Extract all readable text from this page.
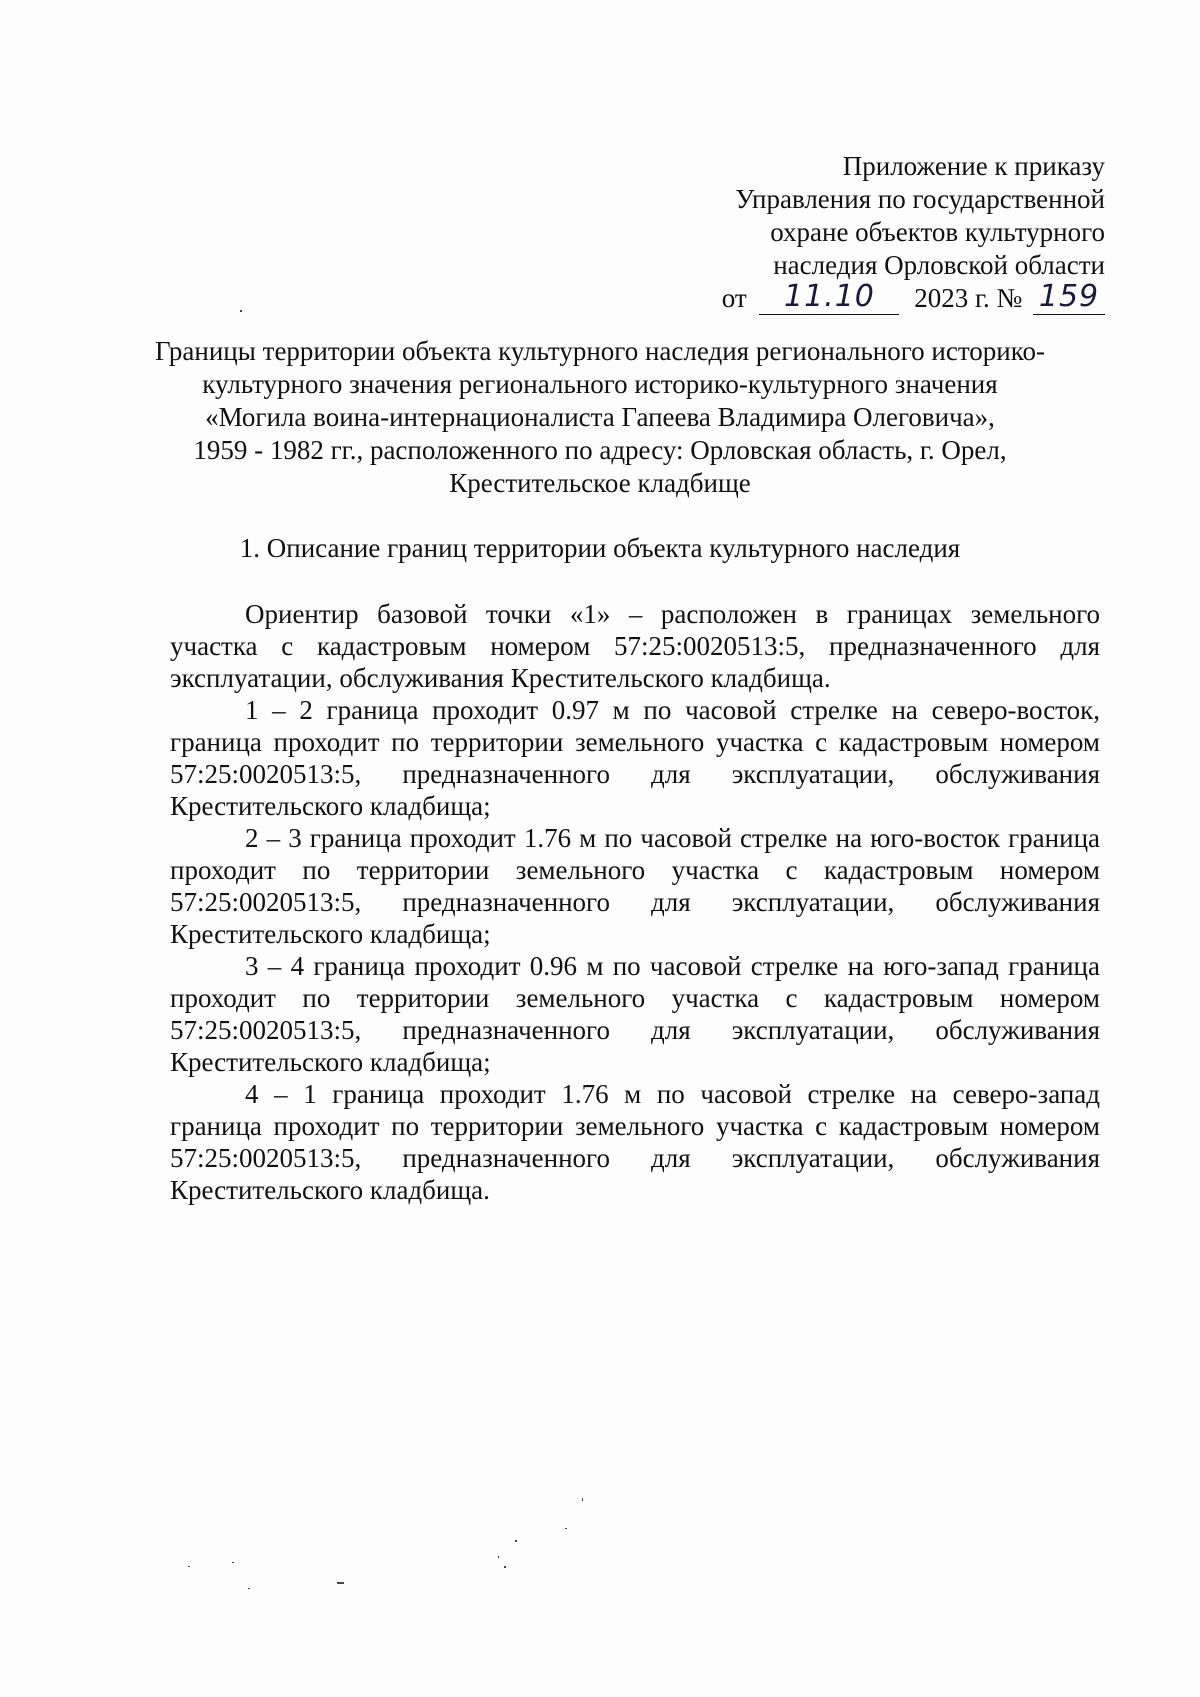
Приложение к приказу
Управления по государственной
охране объектов культурного
наследия Орловской области
от 11.10 2023 г. № 159
Границы территории объекта культурного наследия регионального историко-
культурного значения регионального историко-культурного значения
«Могила воина-интернационалиста Гапеева Владимира Олеговича»,
1959 - 1982 гг., расположенного по адресу: Орловская область, г. Орел,
Крестительское кладбище
1. Описание границ территории объекта культурного наследия

Ориентир базовой точки «1» – расположен в границах земельного участка с кадастровым номером 57:25:0020513:5, предназначенного для эксплуатации, обслуживания Крестительского кладбища.

1 – 2 граница проходит 0.97 м по часовой стрелке на северо-восток, граница проходит по территории земельного участка с кадастровым номером 57:25:0020513:5, предназначенного для эксплуатации, обслуживания Крестительского кладбища;

2 – 3 граница проходит 1.76 м по часовой стрелке на юго-восток граница проходит по территории земельного участка с кадастровым номером 57:25:0020513:5, предназначенного для эксплуатации, обслуживания Крестительского кладбища;

3 – 4 граница проходит 0.96 м по часовой стрелке на юго-запад граница проходит по территории земельного участка с кадастровым номером 57:25:0020513:5, предназначенного для эксплуатации, обслуживания Крестительского кладбища;

4 – 1 граница проходит 1.76 м по часовой стрелке на северо-запад граница проходит по территории земельного участка с кадастровым номером 57:25:0020513:5, предназначенного для эксплуатации, обслуживания Крестительского кладбища.
